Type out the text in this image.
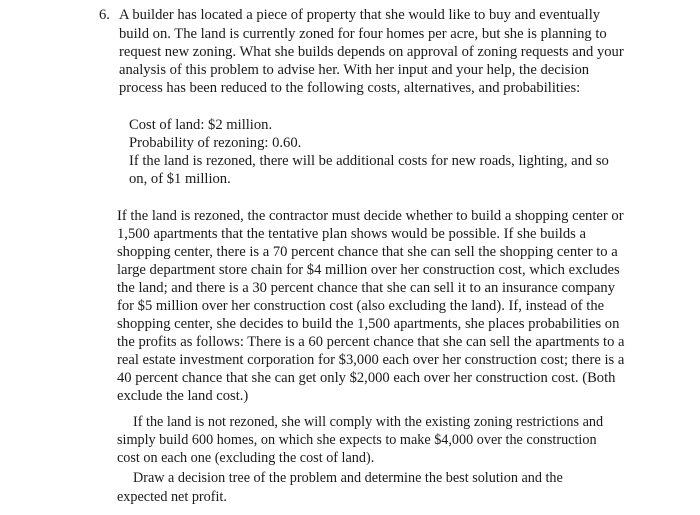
6. A builder has located a piece of property that she would like to buy and eventually
build on. The land is currently zoned for four homes per acre, but she is planning to
request new zoning. What she builds depends on approval of zoning requests and your
analysis of this problem to advise her. With her input and your help, the decision
process has been reduced to the following costs, alternatives, and probabilities:
Cost of land: $2 million.
Probability of rezoning: 0.60.
If the land is rezoned, there will be additional costs for new roads, lighting, and so
on, of $1 million.
If the land is rezoned, the contractor must decide whether to build a shopping center or
1,500 apartments that the tentative plan shows would be possible. If she builds a
shopping center, there is a 70 percent chance that she can sell the shopping center to a
large department store chain for $4 million over her construction cost, which excludes
the land; and there is a 30 percent chance that she can sell it to an insurance company
for $5 million over her construction cost (also excluding the land). If, instead of the
shopping center, she decides to build the 1,500 apartments, she places probabilities on
the profits as follows: There is a 60 percent chance that she can sell the apartments to a
real estate investment corporation for $3,000 each over her construction cost; there is a
40 percent chance that she can get only $2,000 each over her construction cost. (Both
exclude the land cost.)
If the land is not rezoned, she will comply with the existing zoning restrictions and
simply build 600 homes, on which she expects to make $4,000 over the construction
cost on each one (excluding the cost of land).
Draw a decision tree of the problem and determine the best solution and the
expected net profit.
